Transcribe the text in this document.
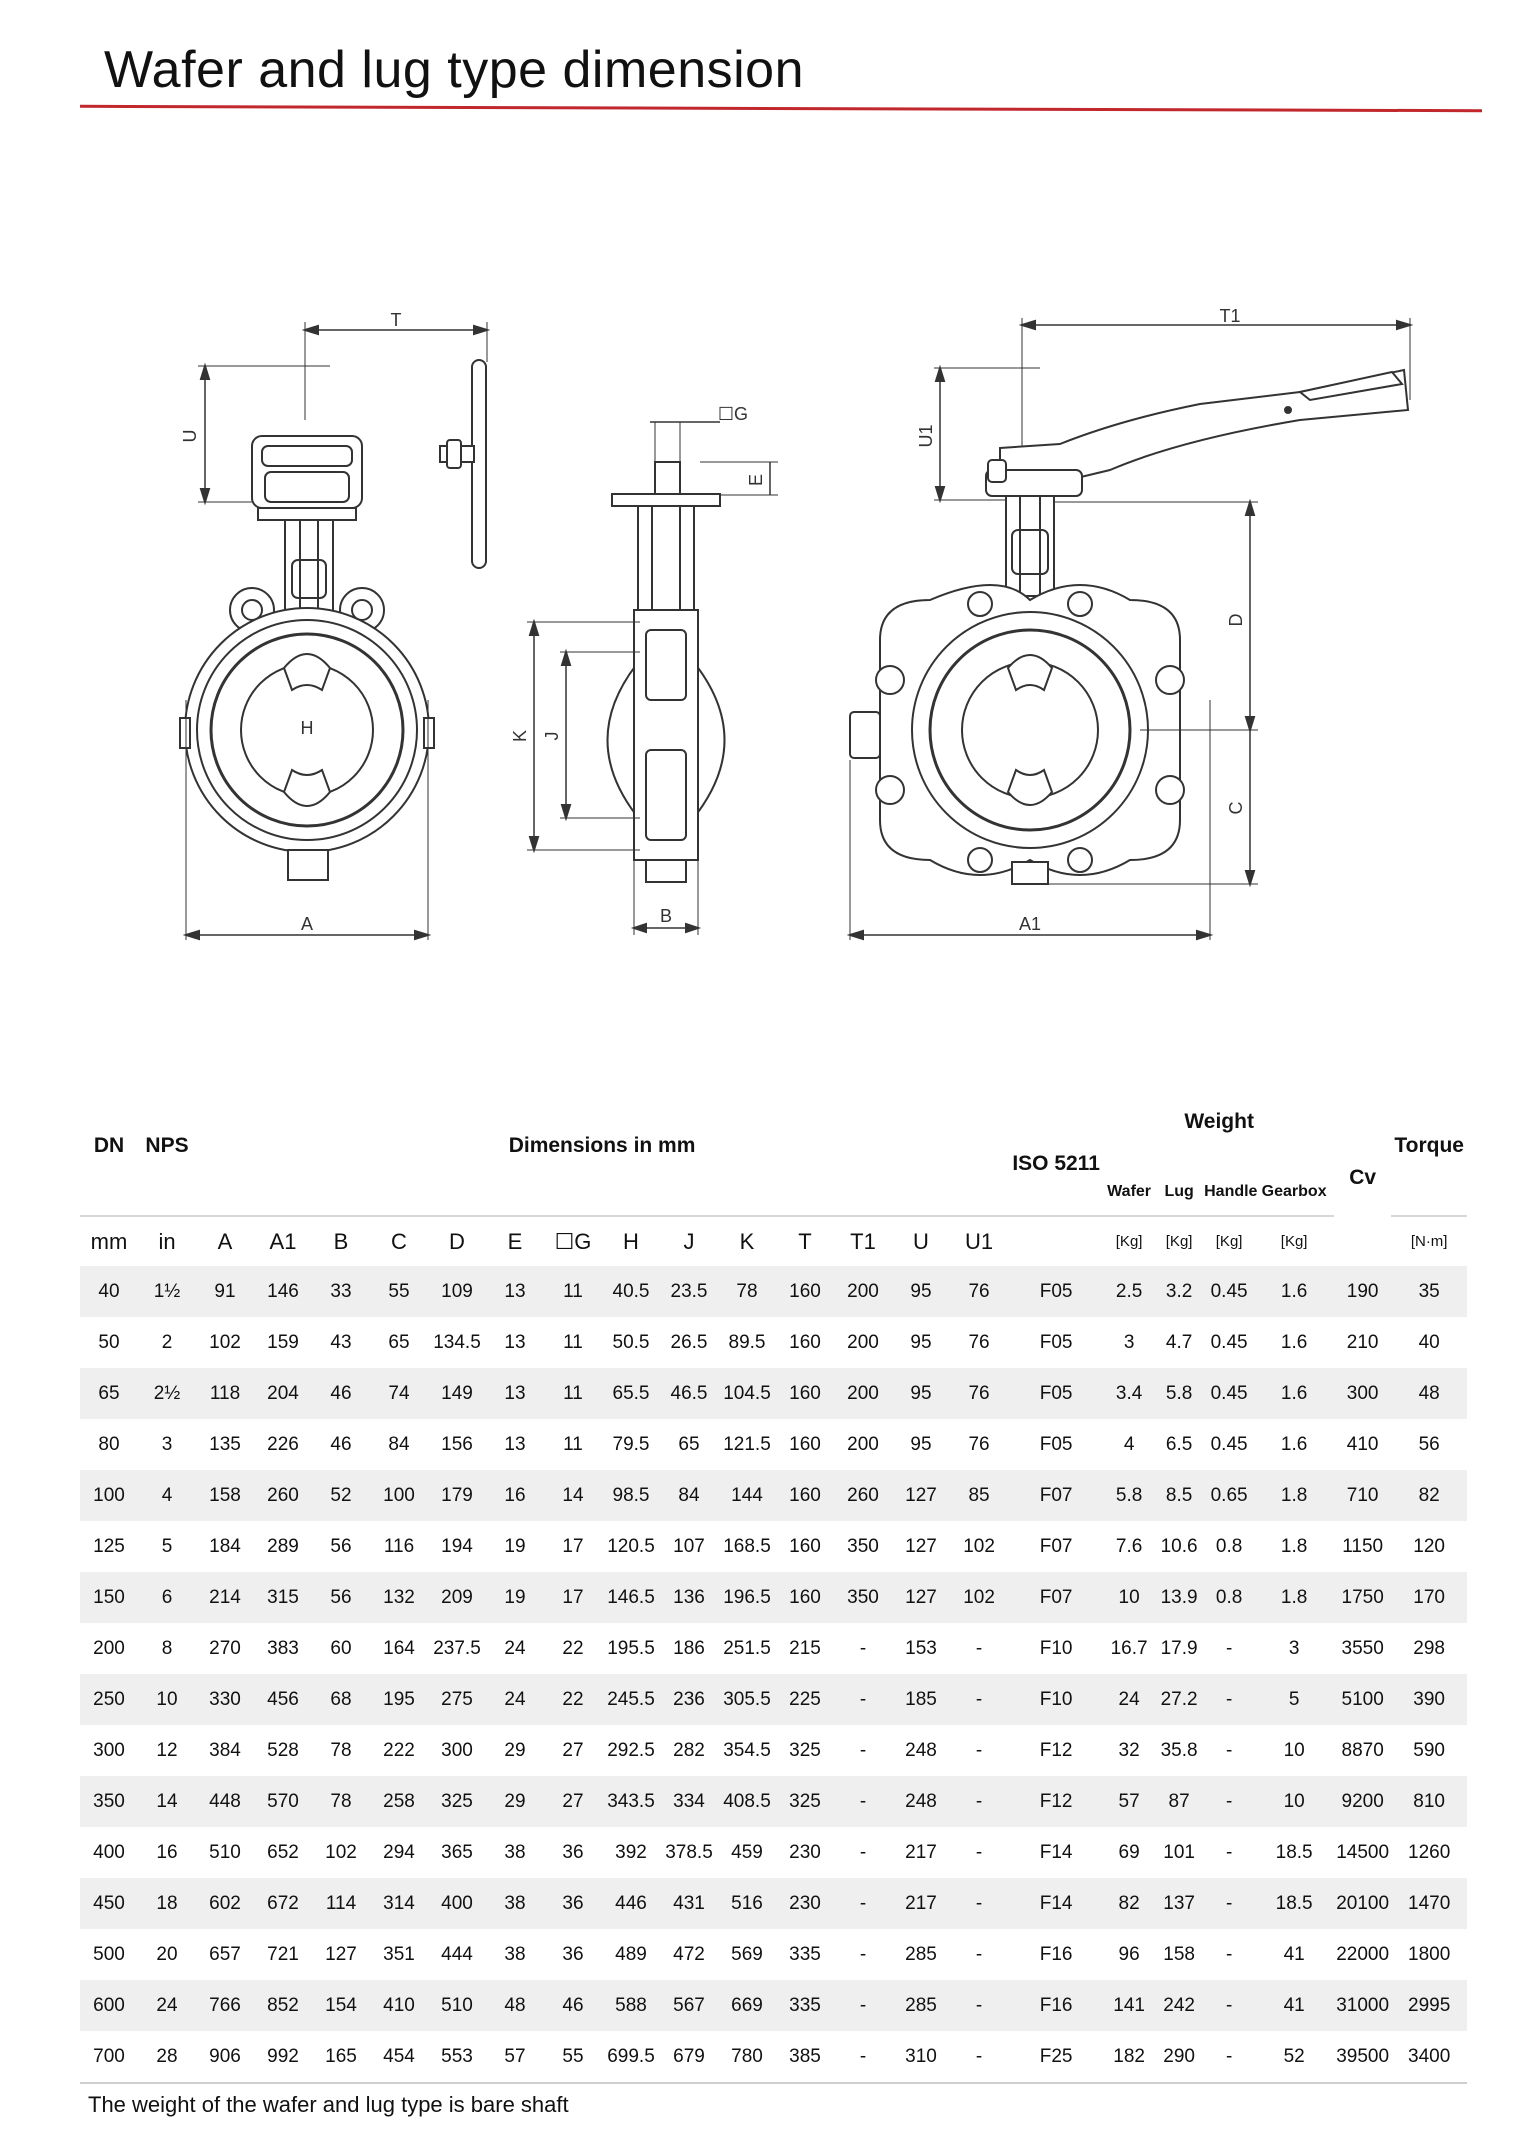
Wafer and lug type dimension
H
T
U
A
☐G
E
K J
B
T1
U1
D
C
A1
DN	NPS	Dimensions in mm														ISO 5211	Weight				Cv	Torque
																	Wafer	Lug	Handle	Gearbox		
mm	in	A	A1	B	C	D	E	☐G	H	J	K	T	T1	U	U1		[Kg]	[Kg]	[Kg]	[Kg]		[N·m]
40	1½	91	146	33	55	109	13	11	40.5	23.5	78	160	200	95	76	F05	2.5	3.2	0.45	1.6	190	35
50	2	102	159	43	65	134.5	13	11	50.5	26.5	89.5	160	200	95	76	F05	3	4.7	0.45	1.6	210	40
65	2½	118	204	46	74	149	13	11	65.5	46.5	104.5	160	200	95	76	F05	3.4	5.8	0.45	1.6	300	48
80	3	135	226	46	84	156	13	11	79.5	65	121.5	160	200	95	76	F05	4	6.5	0.45	1.6	410	56
100	4	158	260	52	100	179	16	14	98.5	84	144	160	260	127	85	F07	5.8	8.5	0.65	1.8	710	82
125	5	184	289	56	116	194	19	17	120.5	107	168.5	160	350	127	102	F07	7.6	10.6	0.8	1.8	1150	120
150	6	214	315	56	132	209	19	17	146.5	136	196.5	160	350	127	102	F07	10	13.9	0.8	1.8	1750	170
200	8	270	383	60	164	237.5	24	22	195.5	186	251.5	215	-	153	-	F10	16.7	17.9	-	3	3550	298
250	10	330	456	68	195	275	24	22	245.5	236	305.5	225	-	185	-	F10	24	27.2	-	5	5100	390
300	12	384	528	78	222	300	29	27	292.5	282	354.5	325	-	248	-	F12	32	35.8	-	10	8870	590
350	14	448	570	78	258	325	29	27	343.5	334	408.5	325	-	248	-	F12	57	87	-	10	9200	810
400	16	510	652	102	294	365	38	36	392	378.5	459	230	-	217	-	F14	69	101	-	18.5	14500	1260
450	18	602	672	114	314	400	38	36	446	431	516	230	-	217	-	F14	82	137	-	18.5	20100	1470
500	20	657	721	127	351	444	38	36	489	472	569	335	-	285	-	F16	96	158	-	41	22000	1800
600	24	766	852	154	410	510	48	46	588	567	669	335	-	285	-	F16	141	242	-	41	31000	2995
700	28	906	992	165	454	553	57	55	699.5	679	780	385	-	310	-	F25	182	290	-	52	39500	3400
The weight of the wafer and lug type is bare shaft
